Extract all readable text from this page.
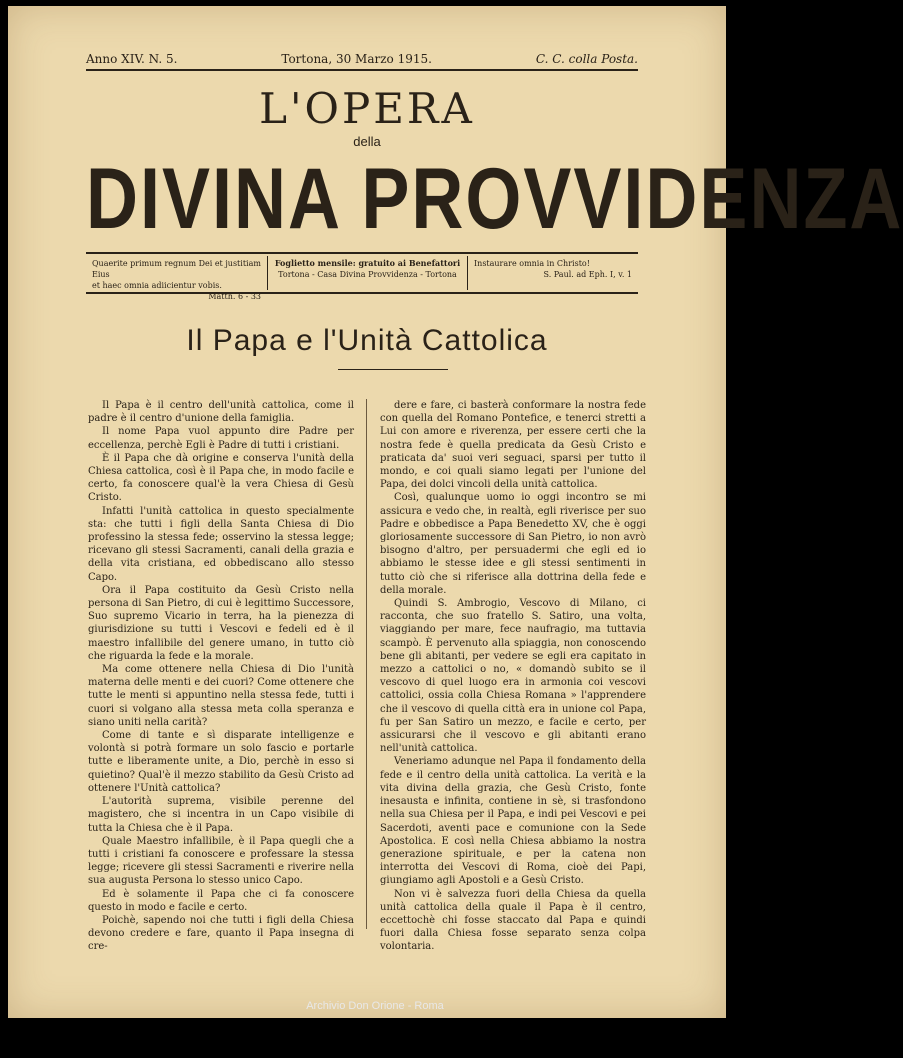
Anno XIV. N. 5.	Tortona, 30 Marzo 1915.	C. C. colla Posta.
L'OPERA
della
DIVINA PROVVIDENZA
Quaerite primum regnum Dei et justitiam Eius
et haec omnia adiicientur vobis.
Matth. 6 - 33
Foglietto mensile: gratuito ai Benefattori
Tortona - Casa Divina Provvidenza - Tortona
Instaurare omnia in Christo!
S. Paul. ad Eph. I, v. 1
Il Papa e l'Unità Cattolica

Il Papa è il centro dell'unità cattolica, come il padre è il centro d'unione della famiglia.

Il nome Papa vuol appunto dire Padre per eccellenza, perchè Egli è Padre di tutti i cristiani.

È il Papa che dà origine e conserva l'unità della Chiesa cattolica, così è il Papa che, in modo facile e certo, fa conoscere qual'è la vera Chiesa di Gesù Cristo.

Infatti l'unità cattolica in questo specialmente sta: che tutti i figli della Santa Chiesa di Dio professino la stessa fede; osservino la stessa legge; ricevano gli stessi Sacramenti, canali della grazia e della vita cristiana, ed obbediscano allo stesso Capo.

Ora il Papa costituito da Gesù Cristo nella persona di San Pietro, di cui è legittimo Successore, Suo supremo Vicario in terra, ha la pienezza di giurisdizione su tutti i Vescovi e fedeli ed è il maestro infallibile del genere umano, in tutto ciò che riguarda la fede e la morale.

Ma come ottenere nella Chiesa di Dio l'unità materna delle menti e dei cuori? Come ottenere che tutte le menti si appuntino nella stessa fede, tutti i cuori si volgano alla stessa meta colla speranza e siano uniti nella carità?

Come di tante e sì disparate intelligenze e volontà si potrà formare un solo fascio e portarle tutte e liberamente unite, a Dio, perchè in esso si quietino? Qual'è il mezzo stabilito da Gesù Cristo ad ottenere l'Unità cattolica?

L'autorità suprema, visibile perenne del magistero, che si incentra in un Capo visibile di tutta la Chiesa che è il Papa.

Quale Maestro infallibile, è il Papa quegli che a tutti i cristiani fa conoscere e professare la stessa legge; ricevere gli stessi Sacramenti e riverire nella sua augusta Persona lo stesso unico Capo.

Ed è solamente il Papa che ci fa conoscere questo in modo e facile e certo.

Poichè, sapendo noi che tutti i figli della Chiesa devono credere e fare, quanto il Papa insegna di cre-

dere e fare, ci basterà conformare la nostra fede con quella del Romano Pontefice, e tenerci stretti a Lui con amore e riverenza, per essere certi che la nostra fede è quella predicata da Gesù Cristo e praticata da' suoi veri seguaci, sparsi per tutto il mondo, e coi quali siamo legati per l'unione del Papa, dei dolci vincoli della unità cattolica.

Così, qualunque uomo io oggi incontro se mi assicura e vedo che, in realtà, egli riverisce per suo Padre e obbedisce a Papa Benedetto XV, che è oggi gloriosamente successore di San Pietro, io non avrò bisogno d'altro, per persuadermi che egli ed io abbiamo le stesse idee e gli stessi sentimenti in tutto ciò che si riferisce alla dottrina della fede e della morale.

Quindi S. Ambrogio, Vescovo di Milano, ci racconta, che suo fratello S. Satiro, una volta, viaggiando per mare, fece naufragio, ma tuttavia scampò. È pervenuto alla spiaggia, non conoscendo bene gli abitanti, per vedere se egli era capitato in mezzo a cattolici o no, « domandò subito se il vescovo di quel luogo era in armonia coi vescovi cattolici, ossia colla Chiesa Romana » l'apprendere che il vescovo di quella città era in unione col Papa, fu per San Satiro un mezzo, e facile e certo, per assicurarsi che il vescovo e gli abitanti erano nell'unità cattolica.

Veneriamo adunque nel Papa il fondamento della fede e il centro della unità cattolica. La verità e la vita divina della grazia, che Gesù Cristo, fonte inesausta e infinita, contiene in sè, si trasfondono nella sua Chiesa per il Papa, e indi pei Vescovi e pei Sacerdoti, aventi pace e comunione con la Sede Apostolica. E così nella Chiesa abbiamo la nostra generazione spirituale, e per la catena non interrotta dei Vescovi di Roma, cioè dei Papi, giungiamo agli Apostoli e a Gesù Cristo.

Non vi è salvezza fuori della Chiesa da quella unità cattolica della quale il Papa è il centro, eccettochè chi fosse staccato dal Papa e quindi fuori dalla Chiesa fosse separato senza colpa volontaria.

Archivio Don Orione - Roma
